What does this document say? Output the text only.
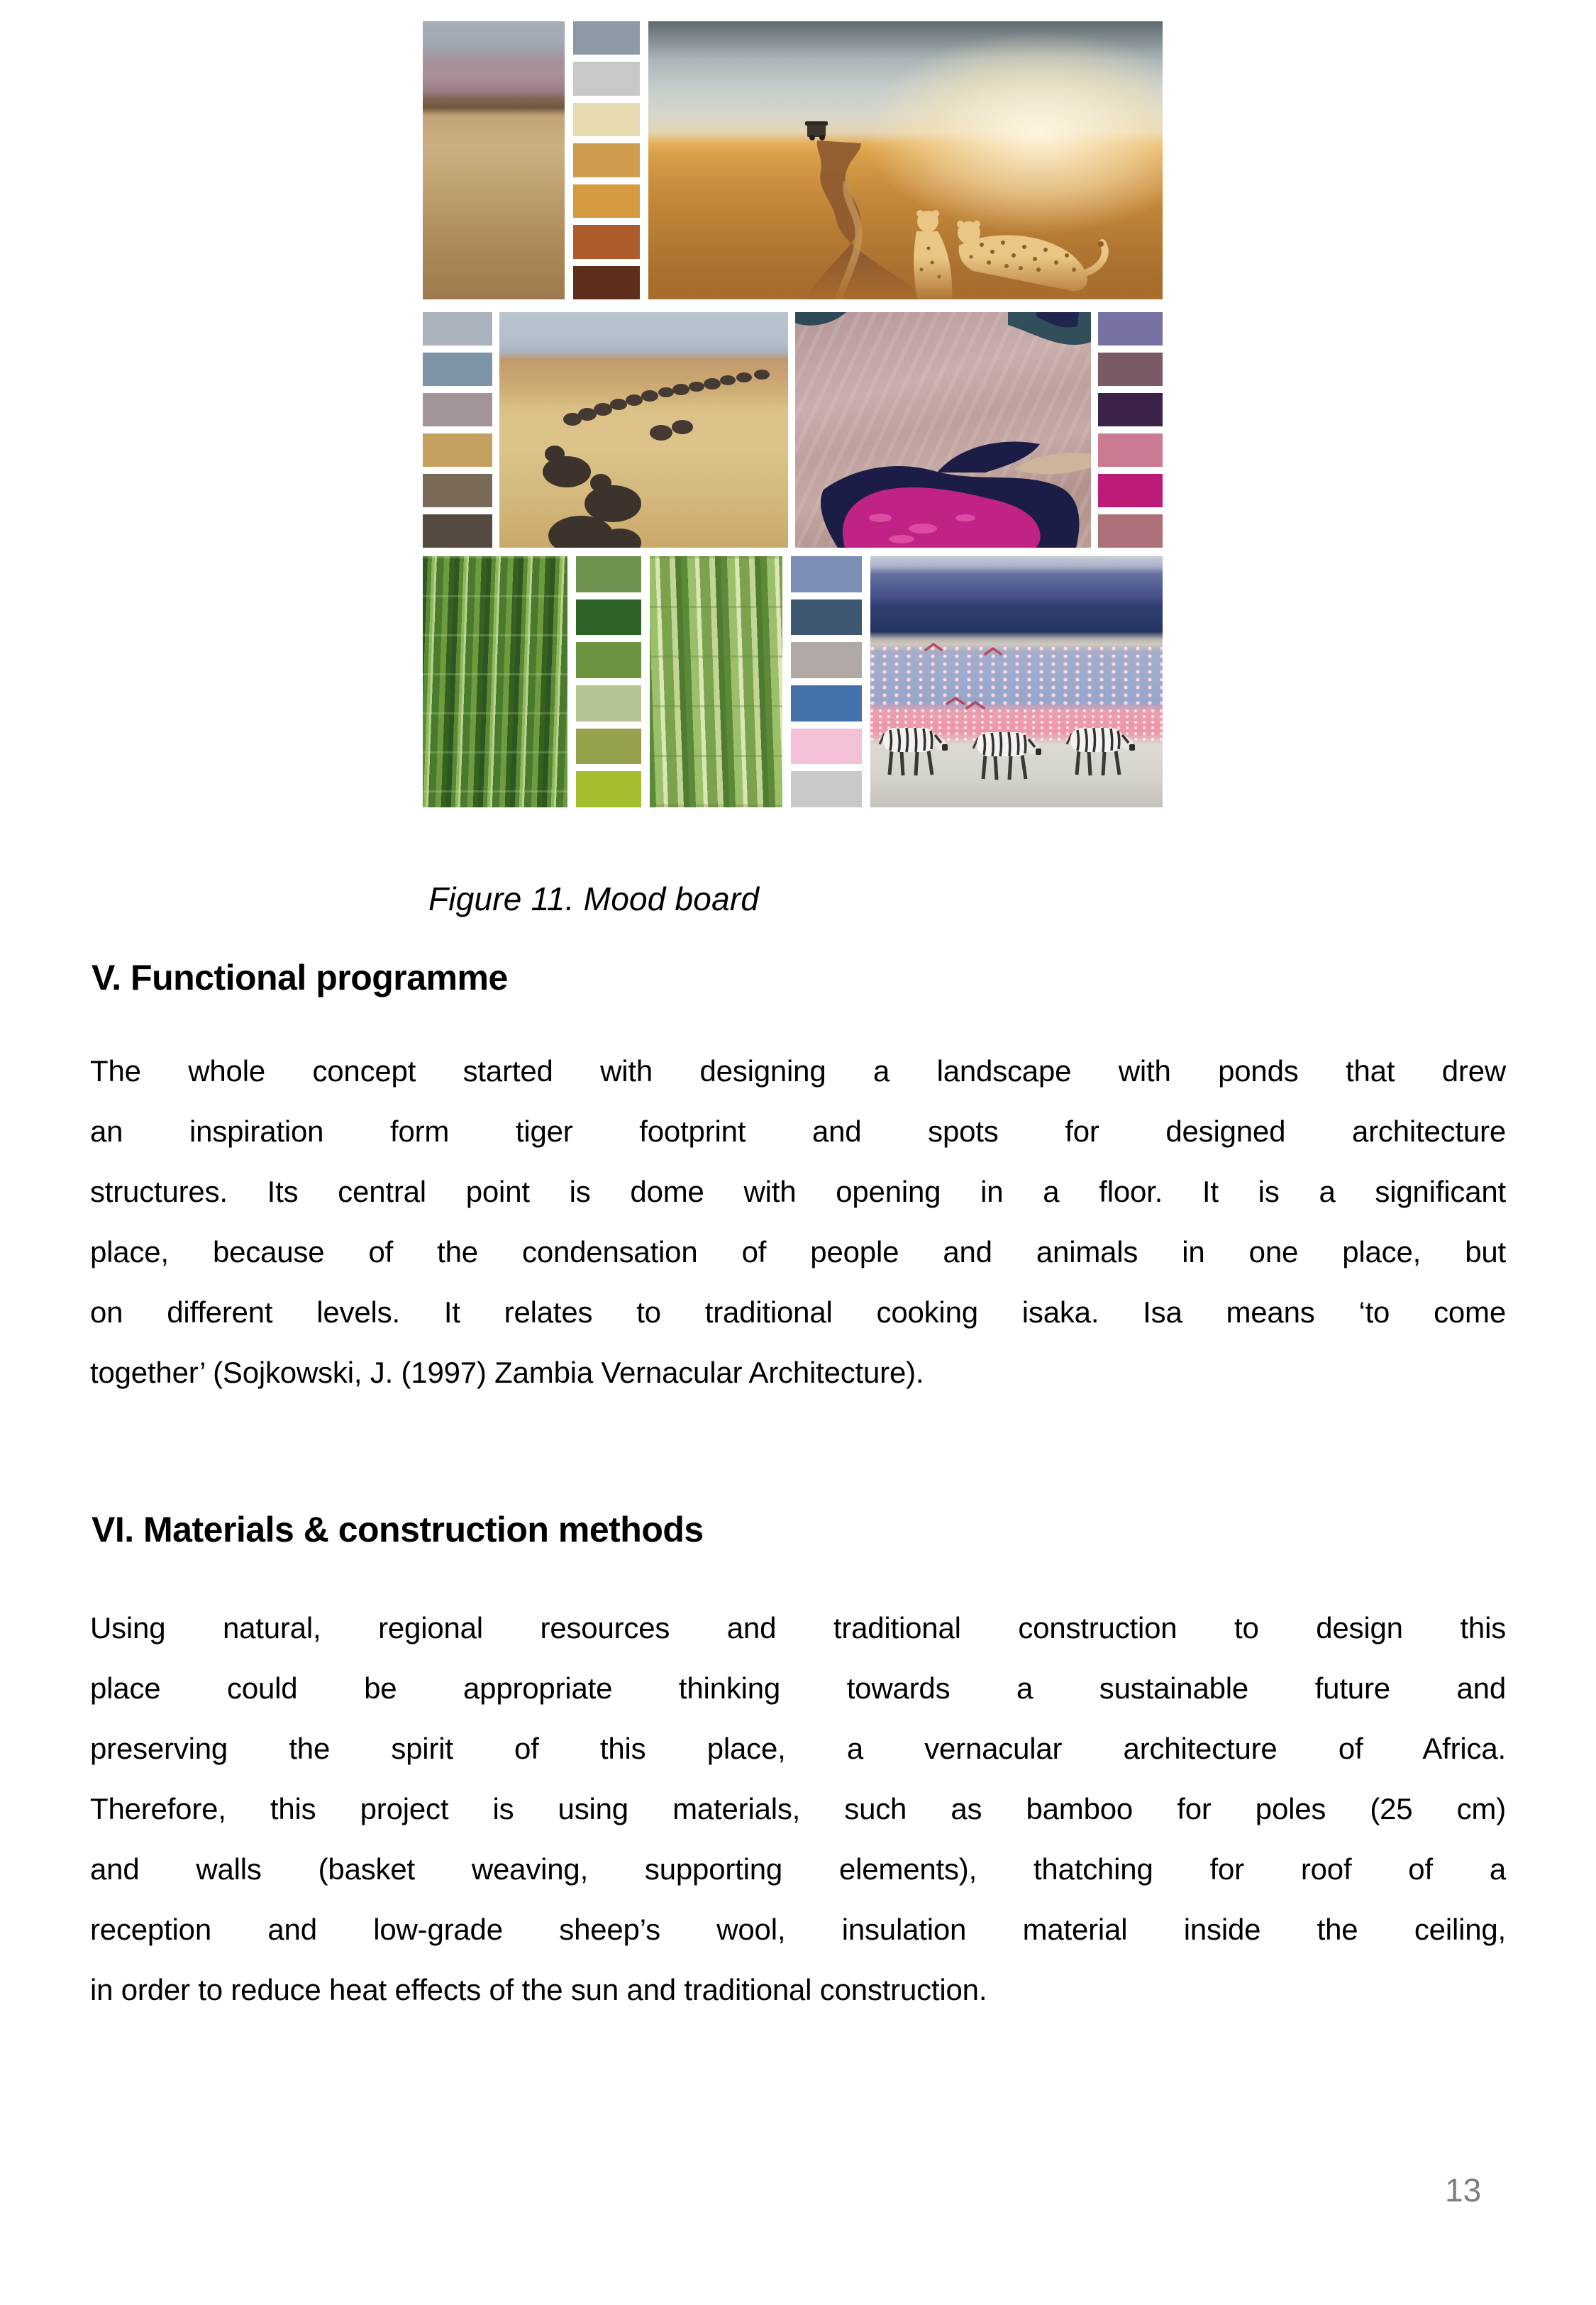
Figure 11. Mood board
V. Functional programme
The whole concept started with designing a landscape with ponds that drew
an inspiration form tiger footprint and spots for designed architecture
structures. Its central point is dome with opening in a floor. It is a significant
place, because of the condensation of people and animals in one place, but
on different levels. It relates to traditional cooking isaka. Isa means ‘to come
together’ (Sojkowski, J. (1997) Zambia Vernacular Architecture).
VI. Materials & construction methods
Using natural, regional resources and traditional construction to design this
place could be appropriate thinking towards a sustainable future and
preserving the spirit of this place, a vernacular architecture of Africa.
Therefore, this project is using materials, such as bamboo for poles (25 cm)
and walls (basket weaving, supporting elements), thatching for roof of a
reception and low-grade sheep’s wool, insulation material inside the ceiling,
in order to reduce heat effects of the sun and traditional construction.
13
